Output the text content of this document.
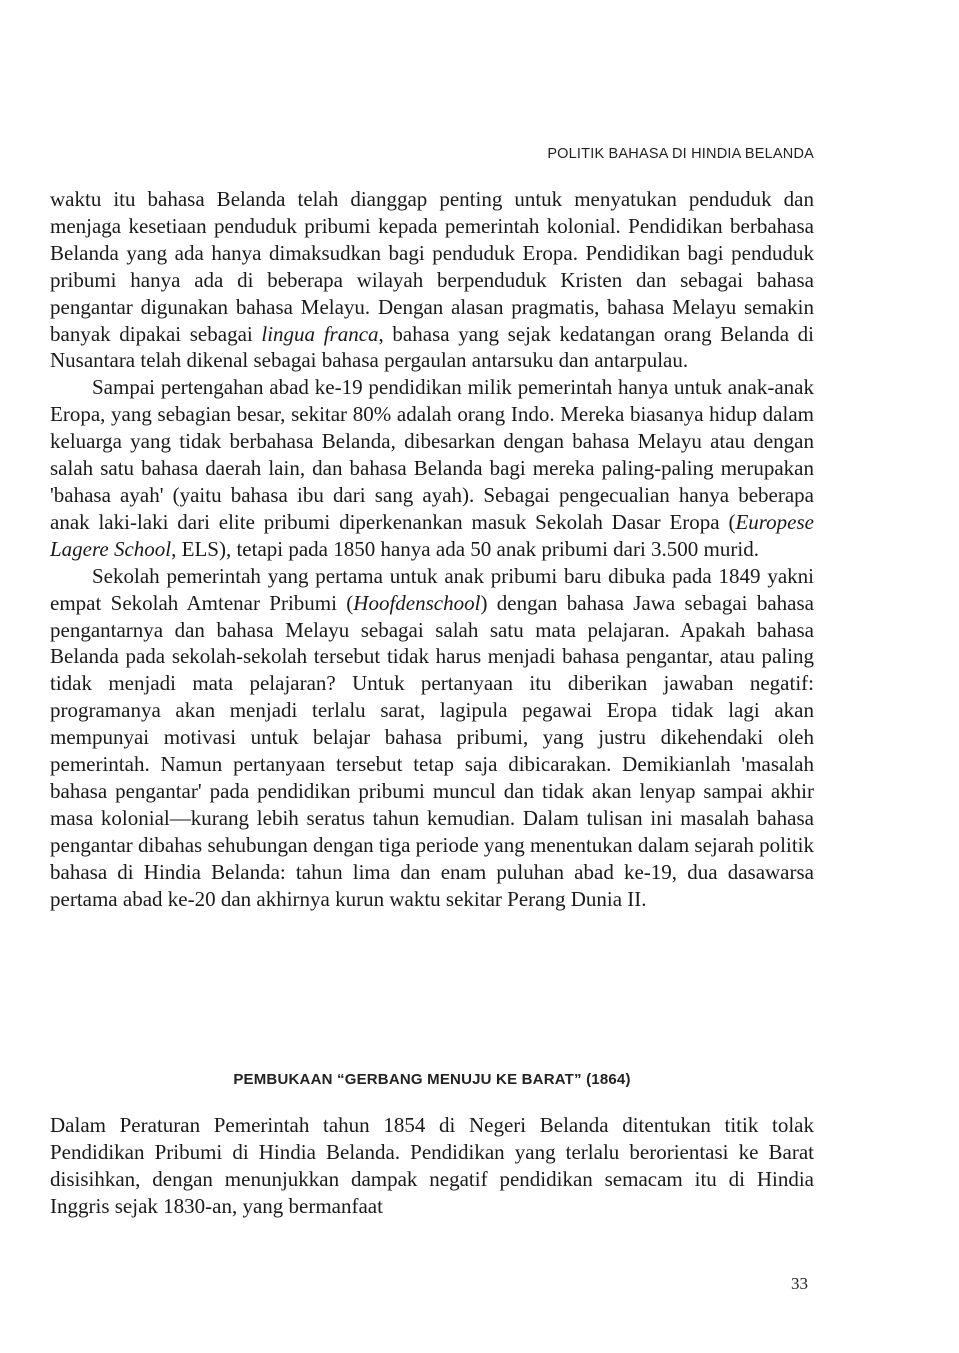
POLITIK BAHASA DI HINDIA BELANDA

waktu itu bahasa Belanda telah dianggap penting untuk menyatukan penduduk dan menjaga kesetiaan penduduk pribumi kepada pemerintah kolonial. Pendidikan berbahasa Belanda yang ada hanya dimaksudkan bagi penduduk Eropa. Pendidikan bagi penduduk pribumi hanya ada di beberapa wilayah berpenduduk Kristen dan sebagai bahasa pengantar digunakan bahasa Melayu. Dengan alasan pragmatis, bahasa Melayu semakin banyak dipakai sebagai lingua franca, bahasa yang sejak kedatangan orang Belanda di Nusantara telah dikenal sebagai bahasa pergaulan antarsuku dan antarpulau.

Sampai pertengahan abad ke-19 pendidikan milik pemerintah hanya untuk anak-anak Eropa, yang sebagian besar, sekitar 80% adalah orang Indo. Mereka biasanya hidup dalam keluarga yang tidak berbahasa Belanda, dibesarkan dengan bahasa Melayu atau dengan salah satu bahasa daerah lain, dan bahasa Belanda bagi mereka paling-paling merupakan 'bahasa ayah' (yaitu bahasa ibu dari sang ayah). Sebagai pengecualian hanya beberapa anak laki-laki dari elite pribumi diperkenankan masuk Sekolah Dasar Eropa (Europese Lagere School, ELS), tetapi pada 1850 hanya ada 50 anak pribumi dari 3.500 murid.

Sekolah pemerintah yang pertama untuk anak pribumi baru dibuka pada 1849 yakni empat Sekolah Amtenar Pribumi (Hoofdenschool) dengan bahasa Jawa sebagai bahasa pengantarnya dan bahasa Melayu sebagai salah satu mata pelajaran. Apakah bahasa Belanda pada sekolah-sekolah tersebut tidak harus menjadi bahasa pengantar, atau paling tidak menjadi mata pelajaran? Untuk pertanyaan itu diberikan jawaban negatif: programanya akan menjadi terlalu sarat, lagipula pegawai Eropa tidak lagi akan mempunyai motivasi untuk belajar bahasa pribumi, yang justru dikehendaki oleh pemerintah. Namun pertanyaan tersebut tetap saja dibicarakan. Demikianlah 'masalah bahasa pengantar' pada pendidikan pribumi muncul dan tidak akan lenyap sampai akhir masa kolonial—kurang lebih seratus tahun kemudian. Dalam tulisan ini masalah bahasa pengantar dibahas sehubungan dengan tiga periode yang menentukan dalam sejarah politik bahasa di Hindia Belanda: tahun lima dan enam puluhan abad ke-19, dua dasawarsa pertama abad ke-20 dan akhirnya kurun waktu sekitar Perang Dunia II.

PEMBUKAAN “GERBANG MENUJU KE BARAT” (1864)

Dalam Peraturan Pemerintah tahun 1854 di Negeri Belanda ditentukan titik tolak Pendidikan Pribumi di Hindia Belanda. Pendidikan yang terlalu berorientasi ke Barat disisihkan, dengan menunjukkan dampak negatif pendidikan semacam itu di Hindia Inggris sejak 1830-an, yang bermanfaat

33
